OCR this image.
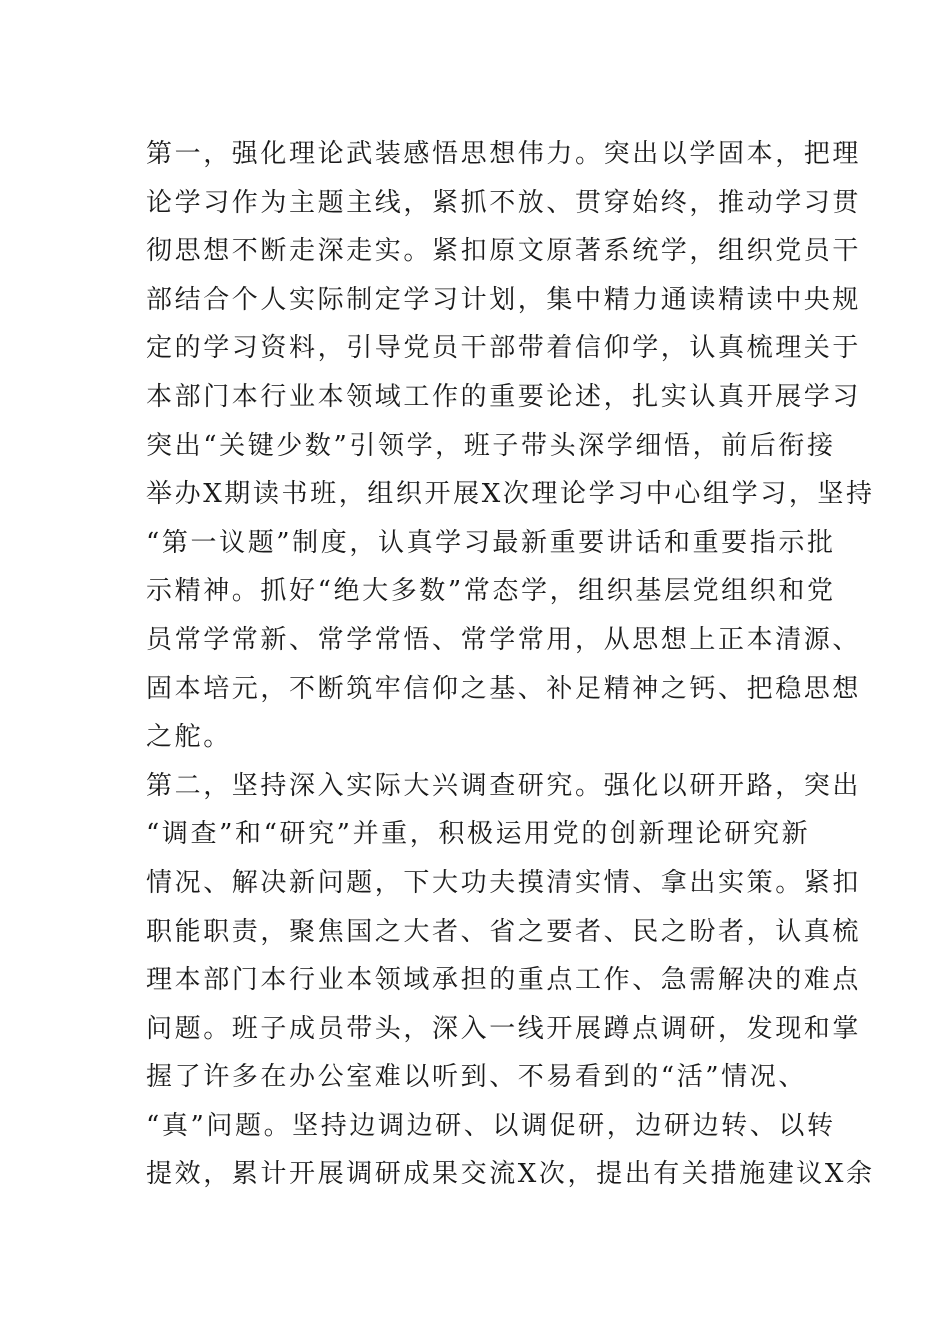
第一，强化理论武装感悟思想伟力。突出以学固本，把理
论学习作为主题主线，紧抓不放、贯穿始终，推动学习贯
彻思想不断走深走实。紧扣原文原著系统学，组织党员干
部结合个人实际制定学习计划，集中精力通读精读中央规
定的学习资料，引导党员干部带着信仰学，认真梳理关于
本部门本行业本领域工作的重要论述，扎实认真开展学习
突出“关键少数”引领学，班子带头深学细悟，前后衔接
举办X期读书班，组织开展X次理论学习中心组学习，坚持
“第一议题”制度，认真学习最新重要讲话和重要指示批
示精神。抓好“绝大多数”常态学，组织基层党组织和党
员常学常新、常学常悟、常学常用，从思想上正本清源、
固本培元，不断筑牢信仰之基、补足精神之钙、把稳思想
之舵。
第二，坚持深入实际大兴调查研究。强化以研开路，突出
“调查”和“研究”并重，积极运用党的创新理论研究新
情况、解决新问题，下大功夫摸清实情、拿出实策。紧扣
职能职责，聚焦国之大者、省之要者、民之盼者，认真梳
理本部门本行业本领域承担的重点工作、急需解决的难点
问题。班子成员带头，深入一线开展蹲点调研，发现和掌
握了许多在办公室难以听到、不易看到的“活”情况、
“真”问题。坚持边调边研、以调促研，边研边转、以转
提效，累计开展调研成果交流X次，提出有关措施建议X余
